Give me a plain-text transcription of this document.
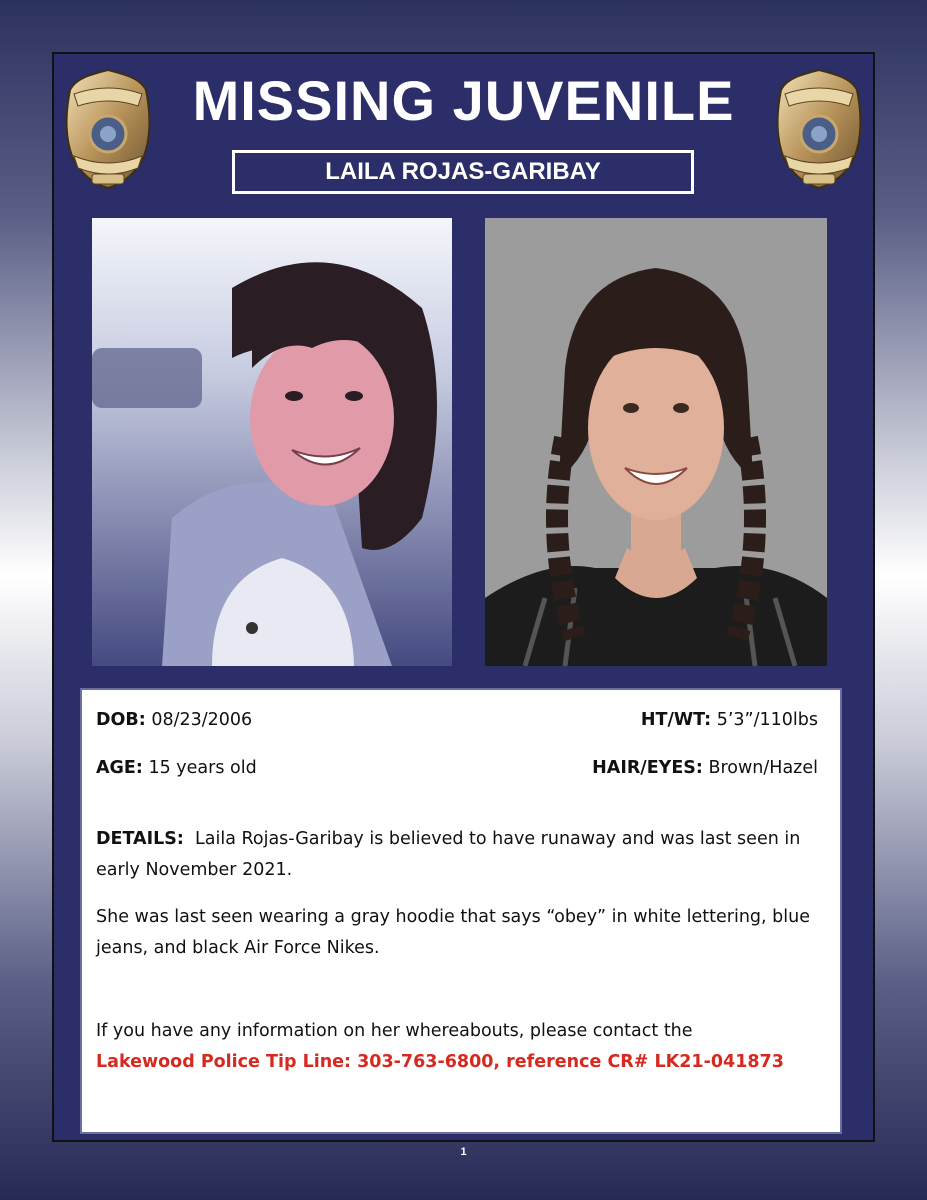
MISSING JUVENILE
LAILA ROJAS-GARIBAY
DOB: 08/23/2006	HT/WT: 5’3”/110lbs
AGE: 15 years old	HAIR/EYES: Brown/Hazel
DETAILS: Laila Rojas-Garibay is believed to have runaway and was last seen in early November 2021.
She was last seen wearing a gray hoodie that says “obey” in white lettering, blue jeans, and black Air Force Nikes.
If you have any information on her whereabouts, please contact the
Lakewood Police Tip Line: 303-763-6800, reference CR# LK21-041873
1
